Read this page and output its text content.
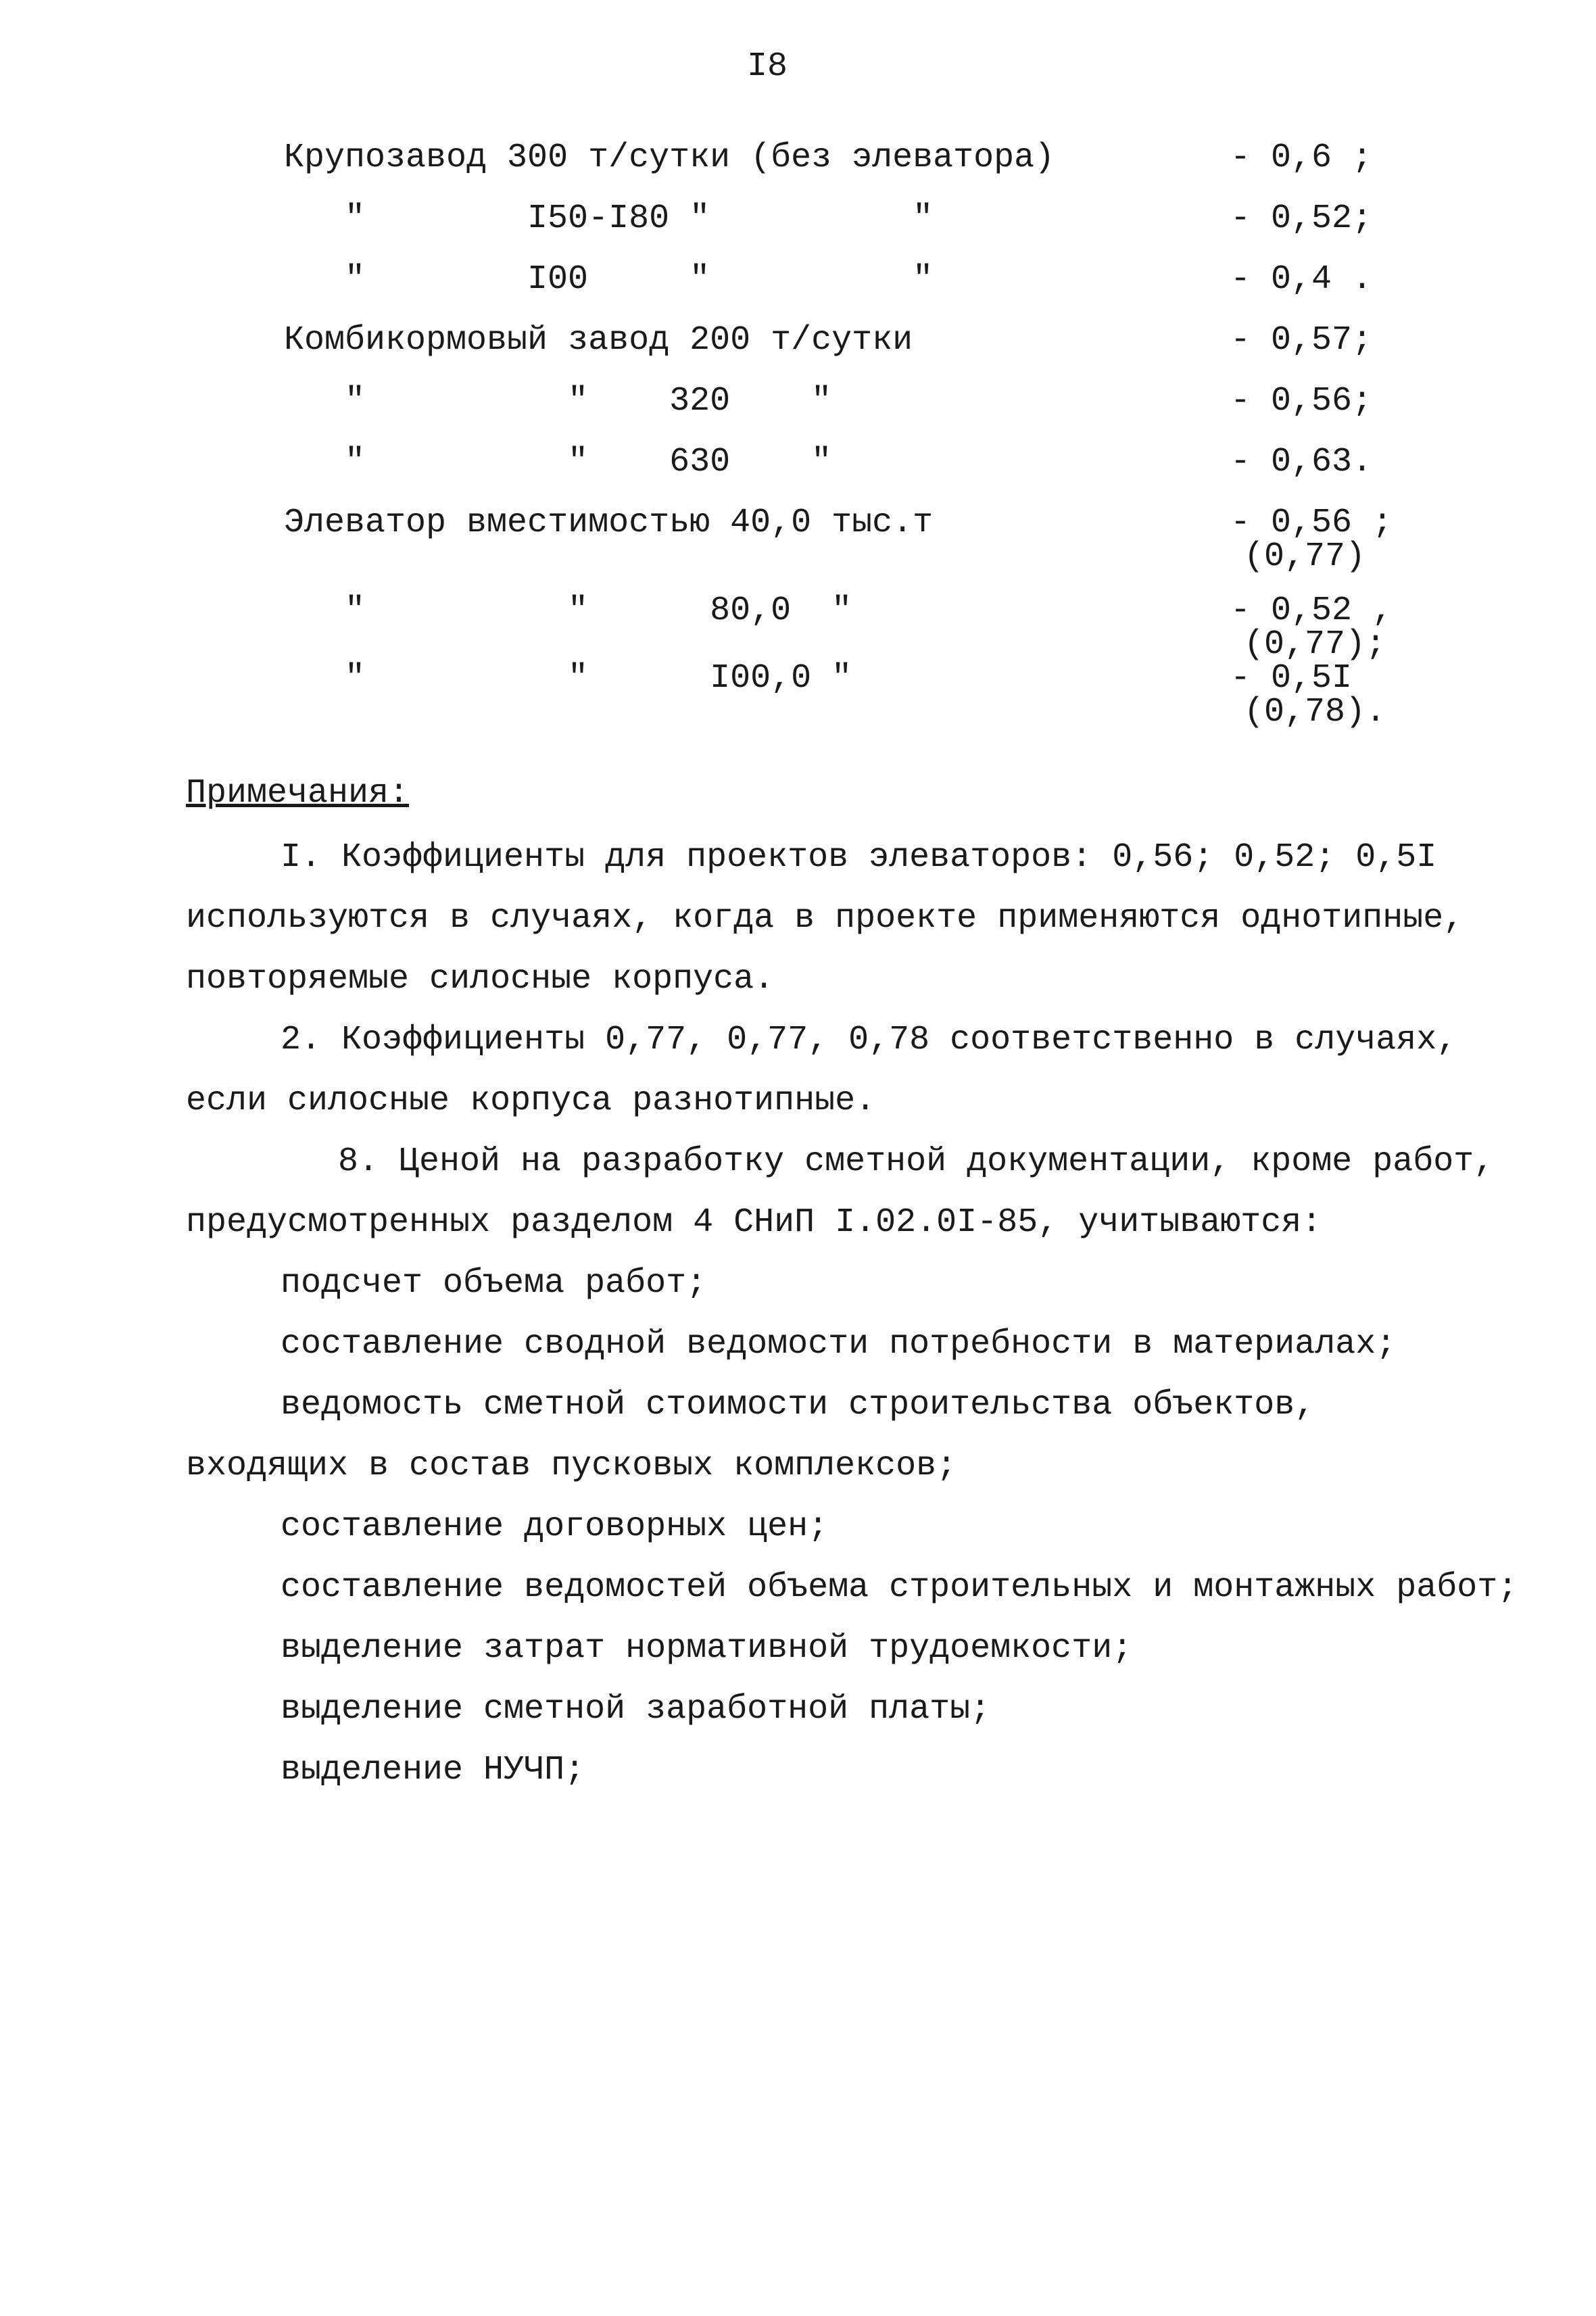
I8
Крупозавод 300 т/сутки (без элеватора)	- 0,6 ;
"        I50-I80 "          "	- 0,52;
"        I00     "          "	- 0,4 .
Комбикормовый завод 200 т/сутки	- 0,57;
"          "    320    "	- 0,56;
"          "    630    "	- 0,63.
Элеватор вместимостью 40,0 тыс.т	- 0,56 ;
(0,77)
"          "      80,0  "	- 0,52 ,
(0,77);
"          "      I00,0 "	- 0,5I
(0,78).
Примечания:
I. Коэффициенты для проектов элеваторов: 0,56; 0,52; 0,5I
используются в случаях, когда в проекте применяются однотипные,
повторяемые силосные корпуса.
2. Коэффициенты 0,77, 0,77, 0,78 соответственно в случаях,
если силосные корпуса разнотипные.
8. Ценой на разработку сметной документации, кроме работ,
предусмотренных разделом 4 СНиП I.02.0I-85, учитываются:
подсчет объема работ;
составление сводной ведомости потребности в материалах;
ведомость сметной стоимости строительства объектов,
входящих в состав пусковых комплексов;
составление договорных цен;
составление ведомостей объема строительных и монтажных работ;
выделение затрат нормативной трудоемкости;
выделение сметной заработной платы;
выделение НУЧП;
